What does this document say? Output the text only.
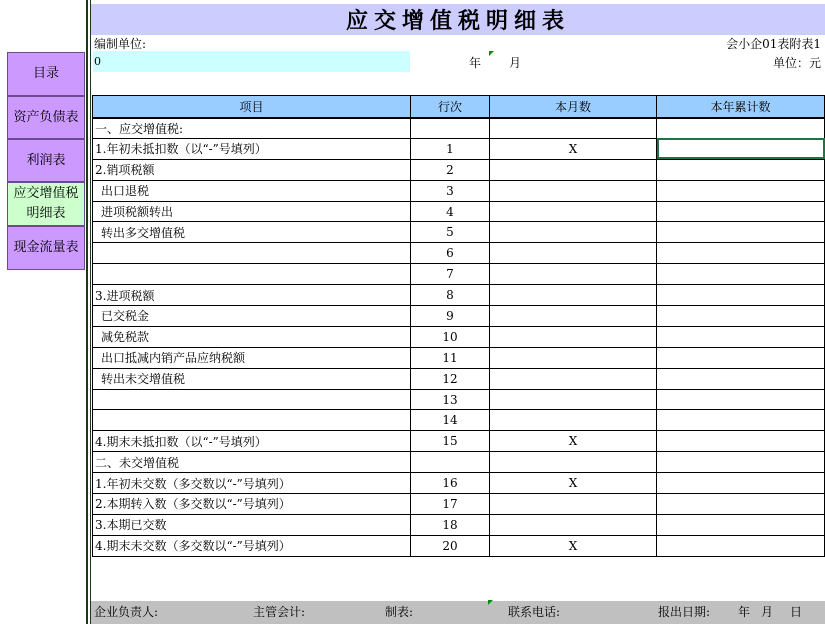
目录
资产负债表
利润表
应交增值税
明细表
现金流量表
应交增值税明细表
编制单位:	会小企01表附表1
0	年 月	单位：元
项目	行次	本月数	本年累计数
一、应交增值税:			
1.年初未抵扣数（以“-”号填列）	1	X	
2.销项税额	2		
出口退税	3		
进项税额转出	4		
转出多交增值税	5		
	6		
	7		
3.进项税额	8		
已交税金	9		
减免税款	10		
出口抵减内销产品应纳税额	11		
转出未交增值税	12		
	13		
	14		
4.期末未抵扣数（以“-”号填列）	15	X	
二、未交增值税			
1.年初未交数（多交数以“-”号填列）	16	X	
2.本期转入数（多交数以“-”号填列）	17		
3.本期已交数	18		
4.期末未交数（多交数以“-”号填列）	20	X	
企业负责人:	主管会计:	制表:	联系电话:	报出日期: 年 月 日
